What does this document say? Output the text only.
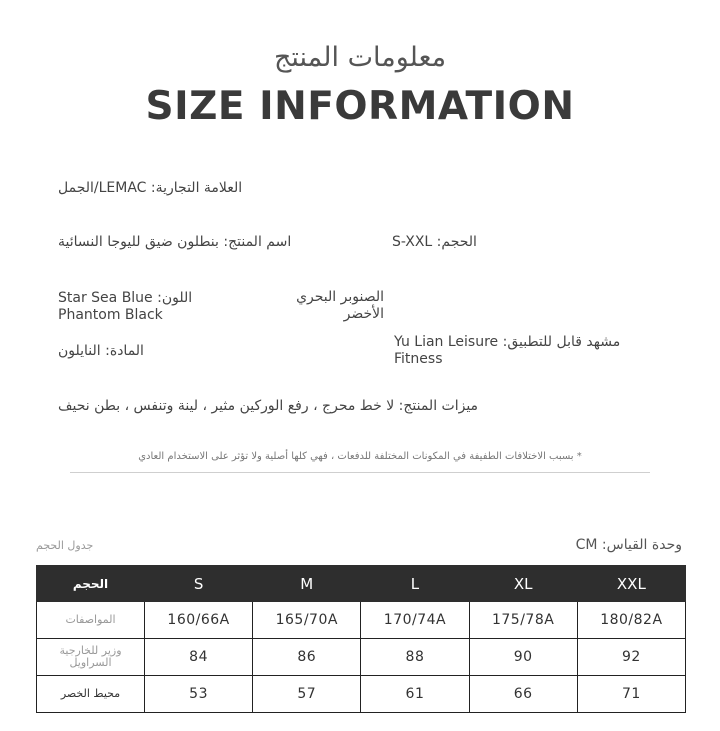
معلومات المنتج
SIZE INFORMATION
العلامة التجارية: LEMAC/الجمل
اسم المنتج: بنطلون ضيق لليوجا النسائية	الحجم: S-XXL
اللون: Star Sea Blue
Phantom Black
الصنوبر البحري الأخضر
المادة: النايلون
مشهد قابل للتطبيق: Yu Lian Leisure
Fitness
ميزات المنتج: لا خط محرج ، رفع الوركين مثير ، لينة وتنفس ، بطن نحيف
* بسبب الاختلافات الطفيفة في المكونات المختلفة للدفعات ، فهي كلها أصلية ولا تؤثر على الاستخدام العادي
جدول الحجم	وحدة القياس: CM
الحجم	S	M	L	XL	XXL
المواصفات	160/66A	165/70A	170/74A	175/78A	180/82A
وزير للخارجية السراويل	84	86	88	90	92
محيط الخصر	53	57	61	66	71
